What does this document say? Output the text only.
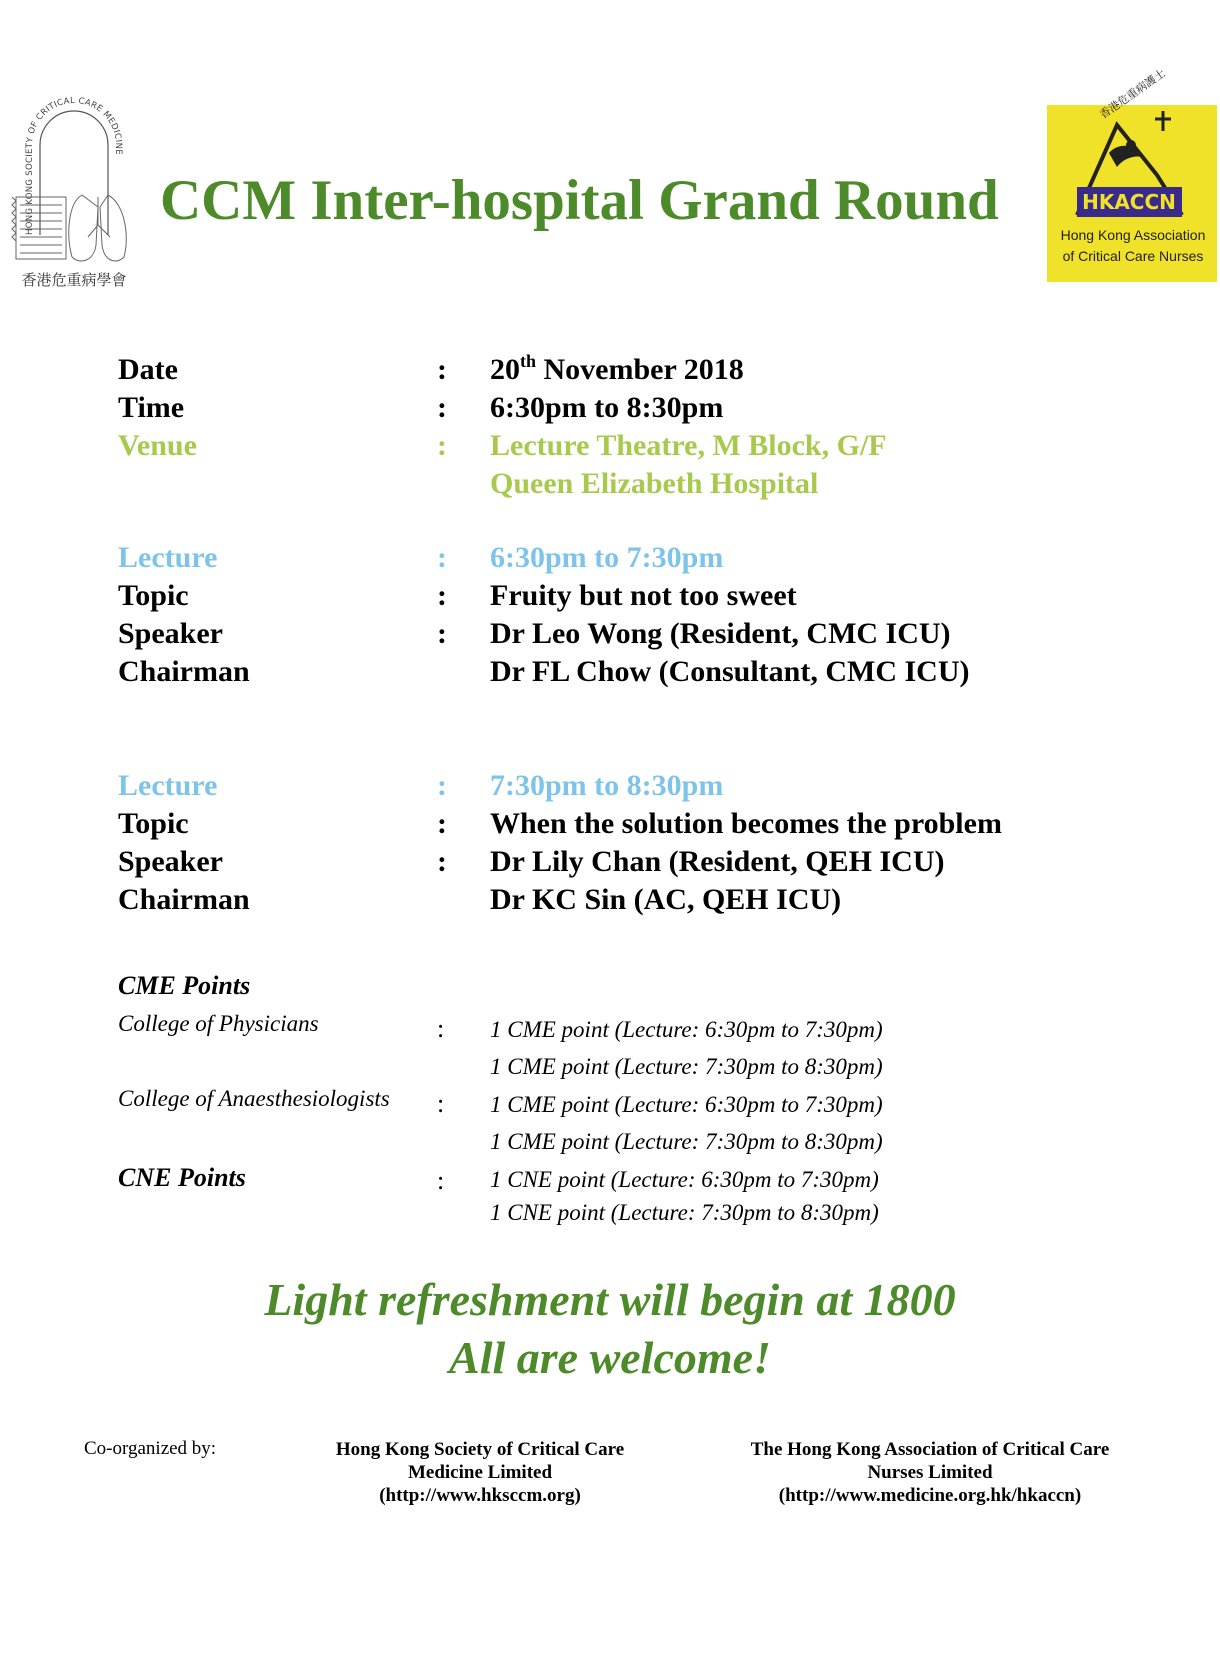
HONG KONG SOCIETY OF CRITICAL CARE MEDICINE
香港危重病學會
CCM Inter-hospital Grand Round
香港危重病護士
HKACCN
Hong Kong Association
of Critical Care Nurses
Date	: 20th November 2018
Time	: 6:30pm to 8:30pm
Venue	: Lecture Theatre, M Block, G/F
Queen Elizabeth Hospital
Lecture	: 6:30pm to 7:30pm
Topic	: Fruity but not too sweet
Speaker	: Dr Leo Wong (Resident, CMC ICU)
Chairman	Dr FL Chow (Consultant, CMC ICU)
Lecture	: 7:30pm to 8:30pm
Topic	: When the solution becomes the problem
Speaker	: Dr Lily Chan (Resident, QEH ICU)
Chairman	Dr KC Sin (AC, QEH ICU)
CME Points
College of Physicians	: 1 CME point (Lecture: 6:30pm to 7:30pm)
1 CME point (Lecture: 7:30pm to 8:30pm)
College of Anaesthesiologists : 1 CME point (Lecture: 6:30pm to 7:30pm)
1 CME point (Lecture: 7:30pm to 8:30pm)
CNE Points	: 1 CNE point (Lecture: 6:30pm to 7:30pm)
1 CNE point (Lecture: 7:30pm to 8:30pm)
Light refreshment will begin at 1800
All are welcome!
Co-organized by:	Hong Kong Society of Critical Care
Medicine Limited
(http://www.hksccm.org)
The Hong Kong Association of Critical Care
Nurses Limited
(http://www.medicine.org.hk/hkaccn)
